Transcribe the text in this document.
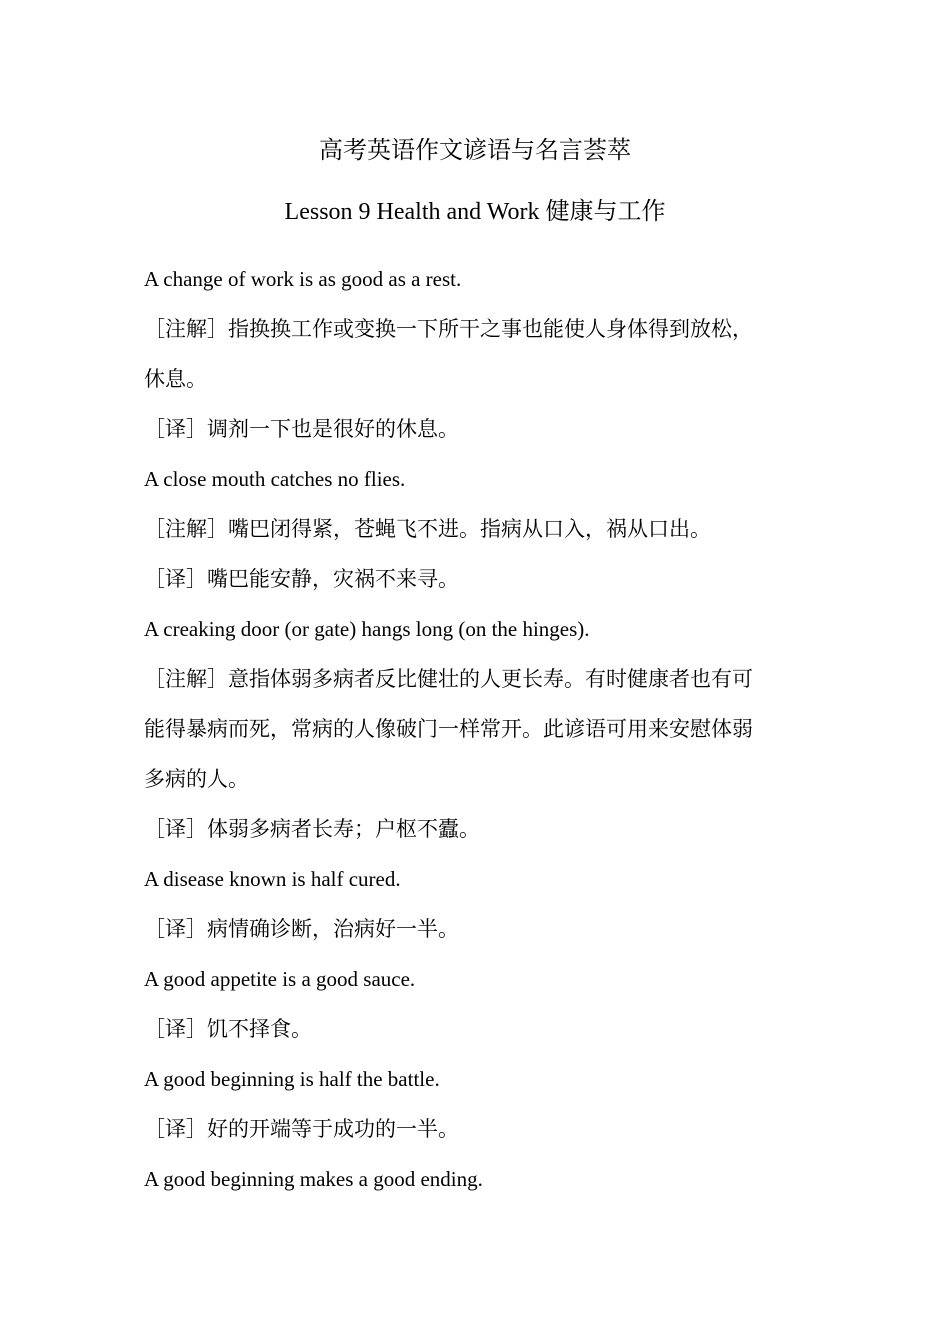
高考英语作文谚语与名言荟萃
Lesson 9 Health and Work 健康与工作
A change of work is as good as a rest.
［注解］指换换工作或变换一下所干之事也能使人身体得到放松，
休息。
［译］调剂一下也是很好的休息。
A close mouth catches no flies.
［注解］嘴巴闭得紧，苍蝇飞不进。指病从口入，祸从口出。
［译］嘴巴能安静，灾祸不来寻。
A creaking door (or gate) hangs long (on the hinges).
［注解］意指体弱多病者反比健壮的人更长寿。有时健康者也有可
能得暴病而死，常病的人像破门一样常开。此谚语可用来安慰体弱
多病的人。
［译］体弱多病者长寿；户枢不蠹。
A disease known is half cured.
［译］病情确诊断，治病好一半。
A good appetite is a good sauce.
［译］饥不择食。
A good beginning is half the battle.
［译］好的开端等于成功的一半。
A good beginning makes a good ending.
